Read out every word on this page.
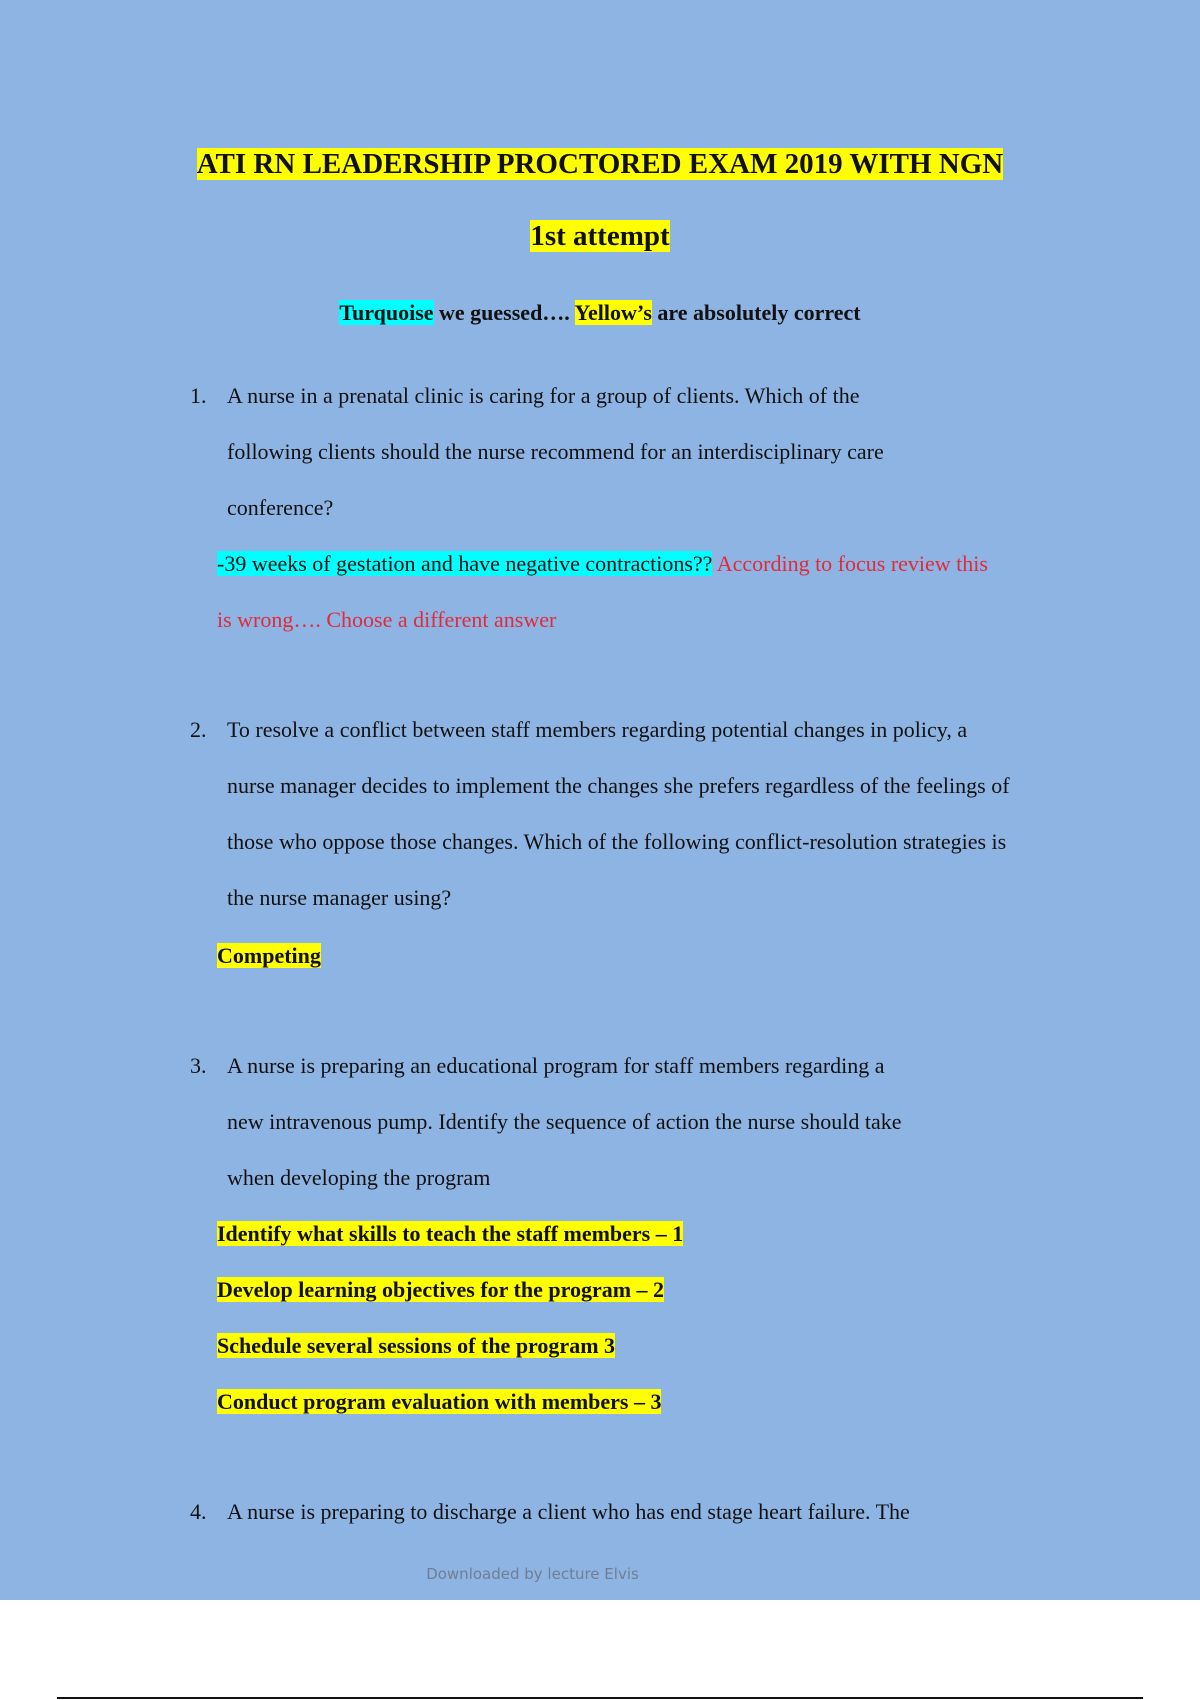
ATI RN LEADERSHIP PROCTORED EXAM 2019 WITH NGN
1st attempt
Turquoise we guessed…. Yellow’s are absolutely correct
1. A nurse in a prenatal clinic is caring for a group of clients. Which of the
following clients should the nurse recommend for an interdisciplinary care
conference?
-39 weeks of gestation and have negative contractions?? According to focus review this
is wrong…. Choose a different answer
2. To resolve a conflict between staff members regarding potential changes in policy, a
nurse manager decides to implement the changes she prefers regardless of the feelings of
those who oppose those changes. Which of the following conflict-resolution strategies is
the nurse manager using?
Competing
3. A nurse is preparing an educational program for staff members regarding a
new intravenous pump. Identify the sequence of action the nurse should take
when developing the program
Identify what skills to teach the staff members – 1
Develop learning objectives for the program – 2
Schedule several sessions of the program 3
Conduct program evaluation with members – 3
4. A nurse is preparing to discharge a client who has end stage heart failure. The
Downloaded by lecture Elvis
